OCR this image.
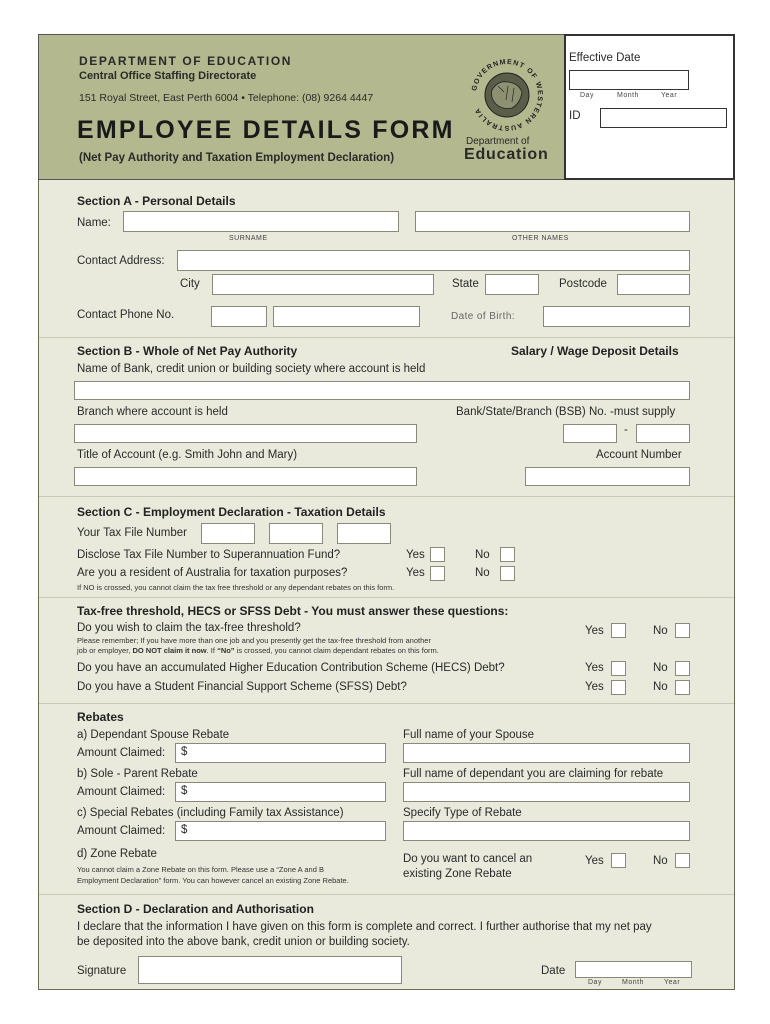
DEPARTMENT OF EDUCATION
Central Office Staffing Directorate
151 Royal Street, East Perth 6004 • Telephone: (08) 9264 4447
EMPLOYEE DETAILS FORM
(Net Pay Authority and Taxation Employment Declaration)
GOVERNMENT OF WESTERN AUSTRALIA
Department of
Education
Effective Date
Day	Month	Year
ID
Section A - Personal Details
Name:
SURNAME	OTHER NAMES
Contact Address:
City	State	Postcode
Contact Phone No.	Date of Birth:
Section B - Whole of Net Pay Authority	Salary / Wage Deposit Details
Name of Bank, credit union or building society where account is held
Branch where account is held	Bank/State/Branch (BSB) No. -must supply
-
Title of Account (e.g. Smith John and Mary)	Account Number
Section C - Employment Declaration - Taxation Details
Your Tax File Number
Disclose Tax File Number to Superannuation Fund?	Yes	No
Are you a resident of Australia for taxation purposes?	Yes	No
If NO is crossed, you cannot claim the tax free threshold or any dependant rebates on this form.
Tax-free threshold, HECS or SFSS Debt - You must answer these questions:
Do you wish to claim the tax-free threshold?
Please remember; If you have more than one job and you presently get the tax-free threshold from another
job or employer, DO NOT claim it now. If “No” is crossed, you cannot claim dependant rebates on this form.
Yes	No
Do you have an accumulated Higher Education Contribution Scheme (HECS) Debt?	Yes	No
Do you have a Student Financial Support Scheme (SFSS) Debt?	Yes	No
Rebates
a) Dependant Spouse Rebate	Full name of your Spouse
Amount Claimed: $
b) Sole - Parent Rebate	Full name of dependant you are claiming for rebate
Amount Claimed: $
c) Special Rebates (including Family tax Assistance)	Specify Type of Rebate
Amount Claimed: $
d) Zone Rebate
You cannot claim a Zone Rebate on this form. Please use a “Zone A and B
Employment Declaration” form. You can however cancel an existing Zone Rebate.
Do you want to cancel an
existing Zone Rebate
Yes	No
Section D - Declaration and Authorisation
I declare that the information I have given on this form is complete and correct. I further authorise that my net pay
be deposited into the above bank, credit union or building society.
Signature	Date
Day	Month	Year
